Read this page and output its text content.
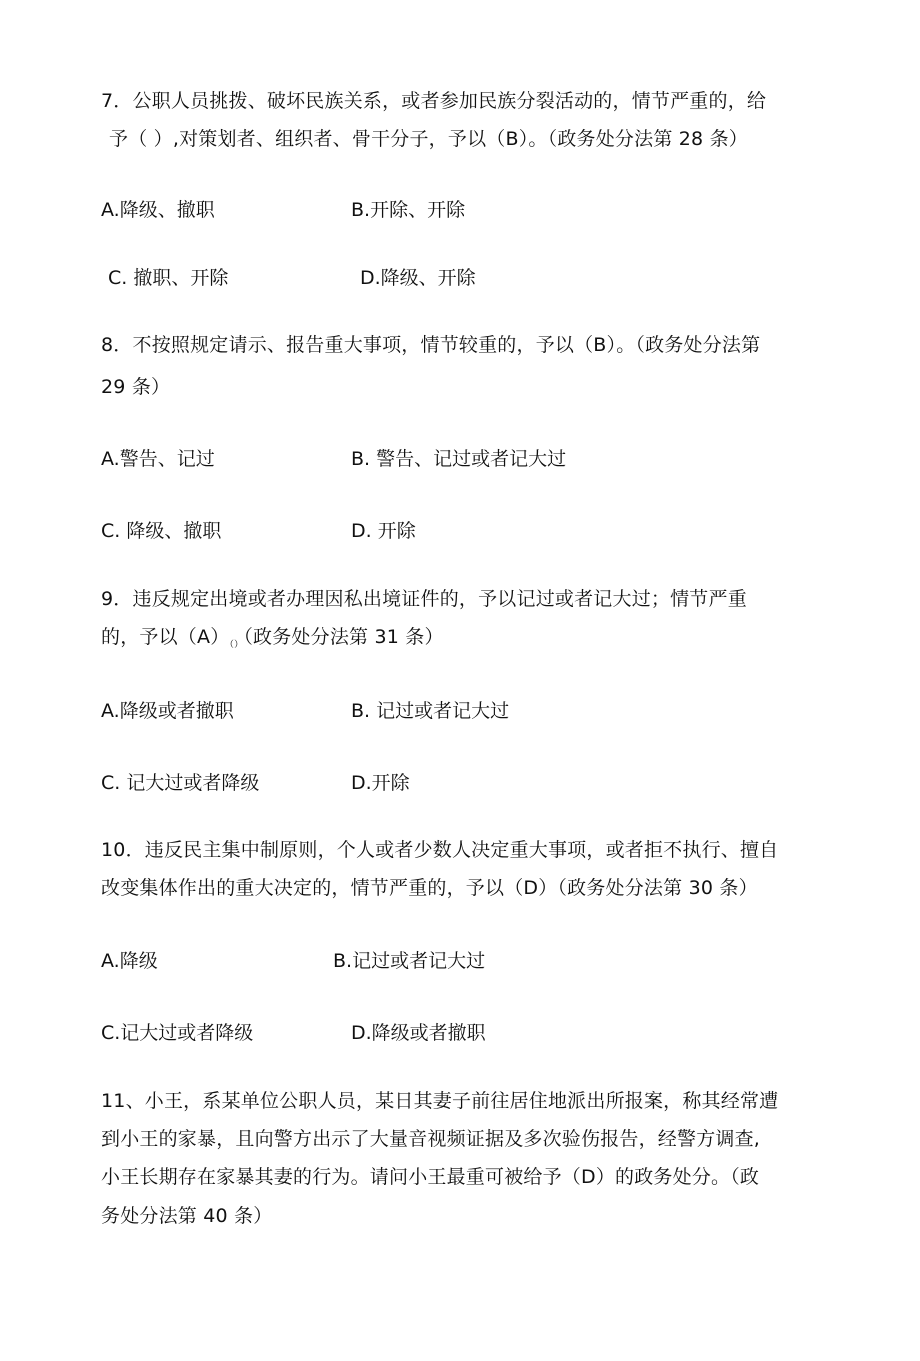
7．公职人员挑拨、破坏民族关系，或者参加民族分裂活动的，情节严重的，给
予（ ）,对策划者、组织者、骨干分子，予以（B）。（政务处分法第 28 条）
A.降级、撤职	B.开除、开除
C. 撤职、开除	D.降级、开除
8．不按照规定请示、报告重大事项，情节较重的，予以（B）。（政务处分法第
29 条）
A.警告、记过	B. 警告、记过或者记大过
C. 降级、撤职	D. 开除
9．违反规定出境或者办理因私出境证件的，予以记过或者记大过；情节严重
的，予以$(A)_{()}$（政务处分法第 31 条）
A.降级或者撤职	B. 记过或者记大过
C. 记大过或者降级	D.开除
10．违反民主集中制原则，个人或者少数人决定重大事项，或者拒不执行、擅自
改变集体作出的重大决定的，情节严重的，予以（D）（政务处分法第 30 条）
A.降级	B.记过或者记大过
C.记大过或者降级	D.降级或者撤职
11、小王，系某单位公职人员，某日其妻子前往居住地派出所报案，称其经常遭
到小王的家暴，且向警方出示了大量音视频证据及多次验伤报告，经警方调查,
小王长期存在家暴其妻的行为。请问小王最重可被给予（D）的政务处分。（政
务处分法第 40 条）
